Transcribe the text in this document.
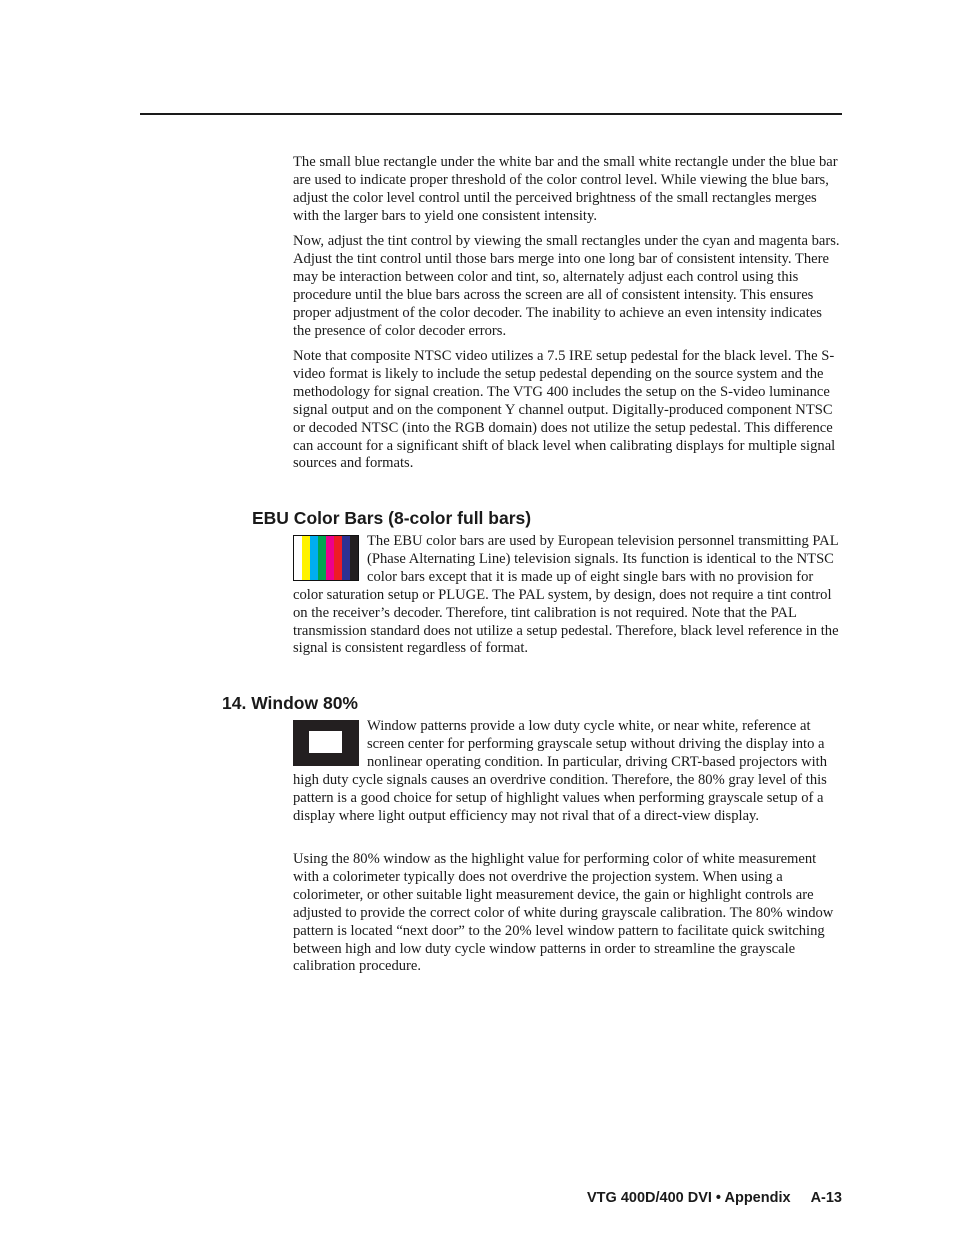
The small blue rectangle under the white bar and the small white rectangle under the blue bar are used to indicate proper threshold of the color control level. While viewing the blue bars, adjust the color level control until the perceived brightness of the small rectangles merges with the larger bars to yield one consistent intensity.

Now, adjust the tint control by viewing the small rectangles under the cyan and magenta bars. Adjust the tint control until those bars merge into one long bar of consistent intensity. There may be interaction between color and tint, so, alternately adjust each control using this procedure until the blue bars across the screen are all of consistent intensity. This ensures proper adjustment of the color decoder. The inability to achieve an even intensity indicates the presence of color decoder errors.

Note that composite NTSC video utilizes a 7.5 IRE setup pedestal for the black level. The S-video format is likely to include the setup pedestal depending on the source system and the methodology for signal creation. The VTG 400 includes the setup on the S-video luminance signal output and on the component Y channel output. Digitally-produced component NTSC or decoded NTSC (into the RGB domain) does not utilize the setup pedestal. This difference can account for a significant shift of black level when calibrating displays for multiple signal sources and formats.

EBU Color Bars (8-color full bars)
The EBU color bars are used by European television personnel transmitting PAL (Phase Alternating Line) television signals. Its function is identical to the NTSC color bars except that it is made up of eight single bars with no provision for color saturation setup or PLUGE. The PAL system, by design, does not require a tint control on the receiver’s decoder. Therefore, tint calibration is not required. Note that the PAL transmission standard does not utilize a setup pedestal. Therefore, black level reference in the signal is consistent regardless of format.
14. Window 80%
Window patterns provide a low duty cycle white, or near white, reference at screen center for performing grayscale setup without driving the display into a nonlinear operating condition. In particular, driving CRT-based projectors with high duty cycle signals causes an overdrive condition. Therefore, the 80% gray level of this pattern is a good choice for setup of highlight values when performing grayscale setup of a display where light output efficiency may not rival that of a direct-view display.

Using the 80% window as the highlight value for performing color of white measurement with a colorimeter typically does not overdrive the projection system. When using a colorimeter, or other suitable light measurement device, the gain or highlight controls are adjusted to provide the correct color of white during grayscale calibration. The 80% window pattern is located “next door” to the 20% level window pattern to facilitate quick switching between high and low duty cycle window patterns in order to streamline the grayscale calibration procedure.

VTG 400D/400 DVI • Appendix A-13
